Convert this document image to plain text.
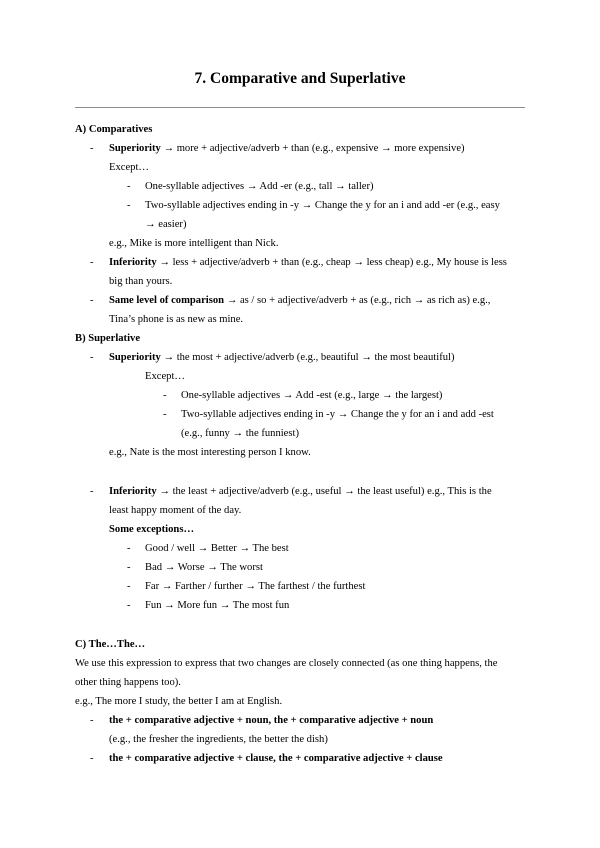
7. Comparative and Superlative
A) Comparatives
- Superiority → more + adjective/adverb + than (e.g., expensive → more expensive)
Except…
- One-syllable adjectives → Add -er (e.g., tall → taller)
- Two-syllable adjectives ending in -y → Change the y for an i and add -er (e.g., easy
→ easier)
e.g., Mike is more intelligent than Nick.
- Inferiority → less + adjective/adverb + than (e.g., cheap → less cheap) e.g., My house is less
big than yours.
- Same level of comparison → as / so + adjective/adverb + as (e.g., rich → as rich as) e.g.,
Tina’s phone is as new as mine.
B) Superlative
- Superiority → the most + adjective/adverb (e.g., beautiful → the most beautiful)
Except…
- One-syllable adjectives → Add -est (e.g., large → the largest)
- Two-syllable adjectives ending in -y → Change the y for an i and add -est
(e.g., funny → the funniest)
e.g., Nate is the most interesting person I know.
- Inferiority → the least + adjective/adverb (e.g., useful → the least useful) e.g., This is the
least happy moment of the day.
Some exceptions…
- Good / well → Better → The best
- Bad → Worse → The worst
- Far → Farther / further → The farthest / the furthest
- Fun → More fun → The most fun
C) The…The…
We use this expression to express that two changes are closely connected (as one thing happens, the
other thing happens too).
e.g., The more I study, the better I am at English.
- the + comparative adjective + noun, the + comparative adjective + noun
(e.g., the fresher the ingredients, the better the dish)
- the + comparative adjective + clause, the + comparative adjective + clause
